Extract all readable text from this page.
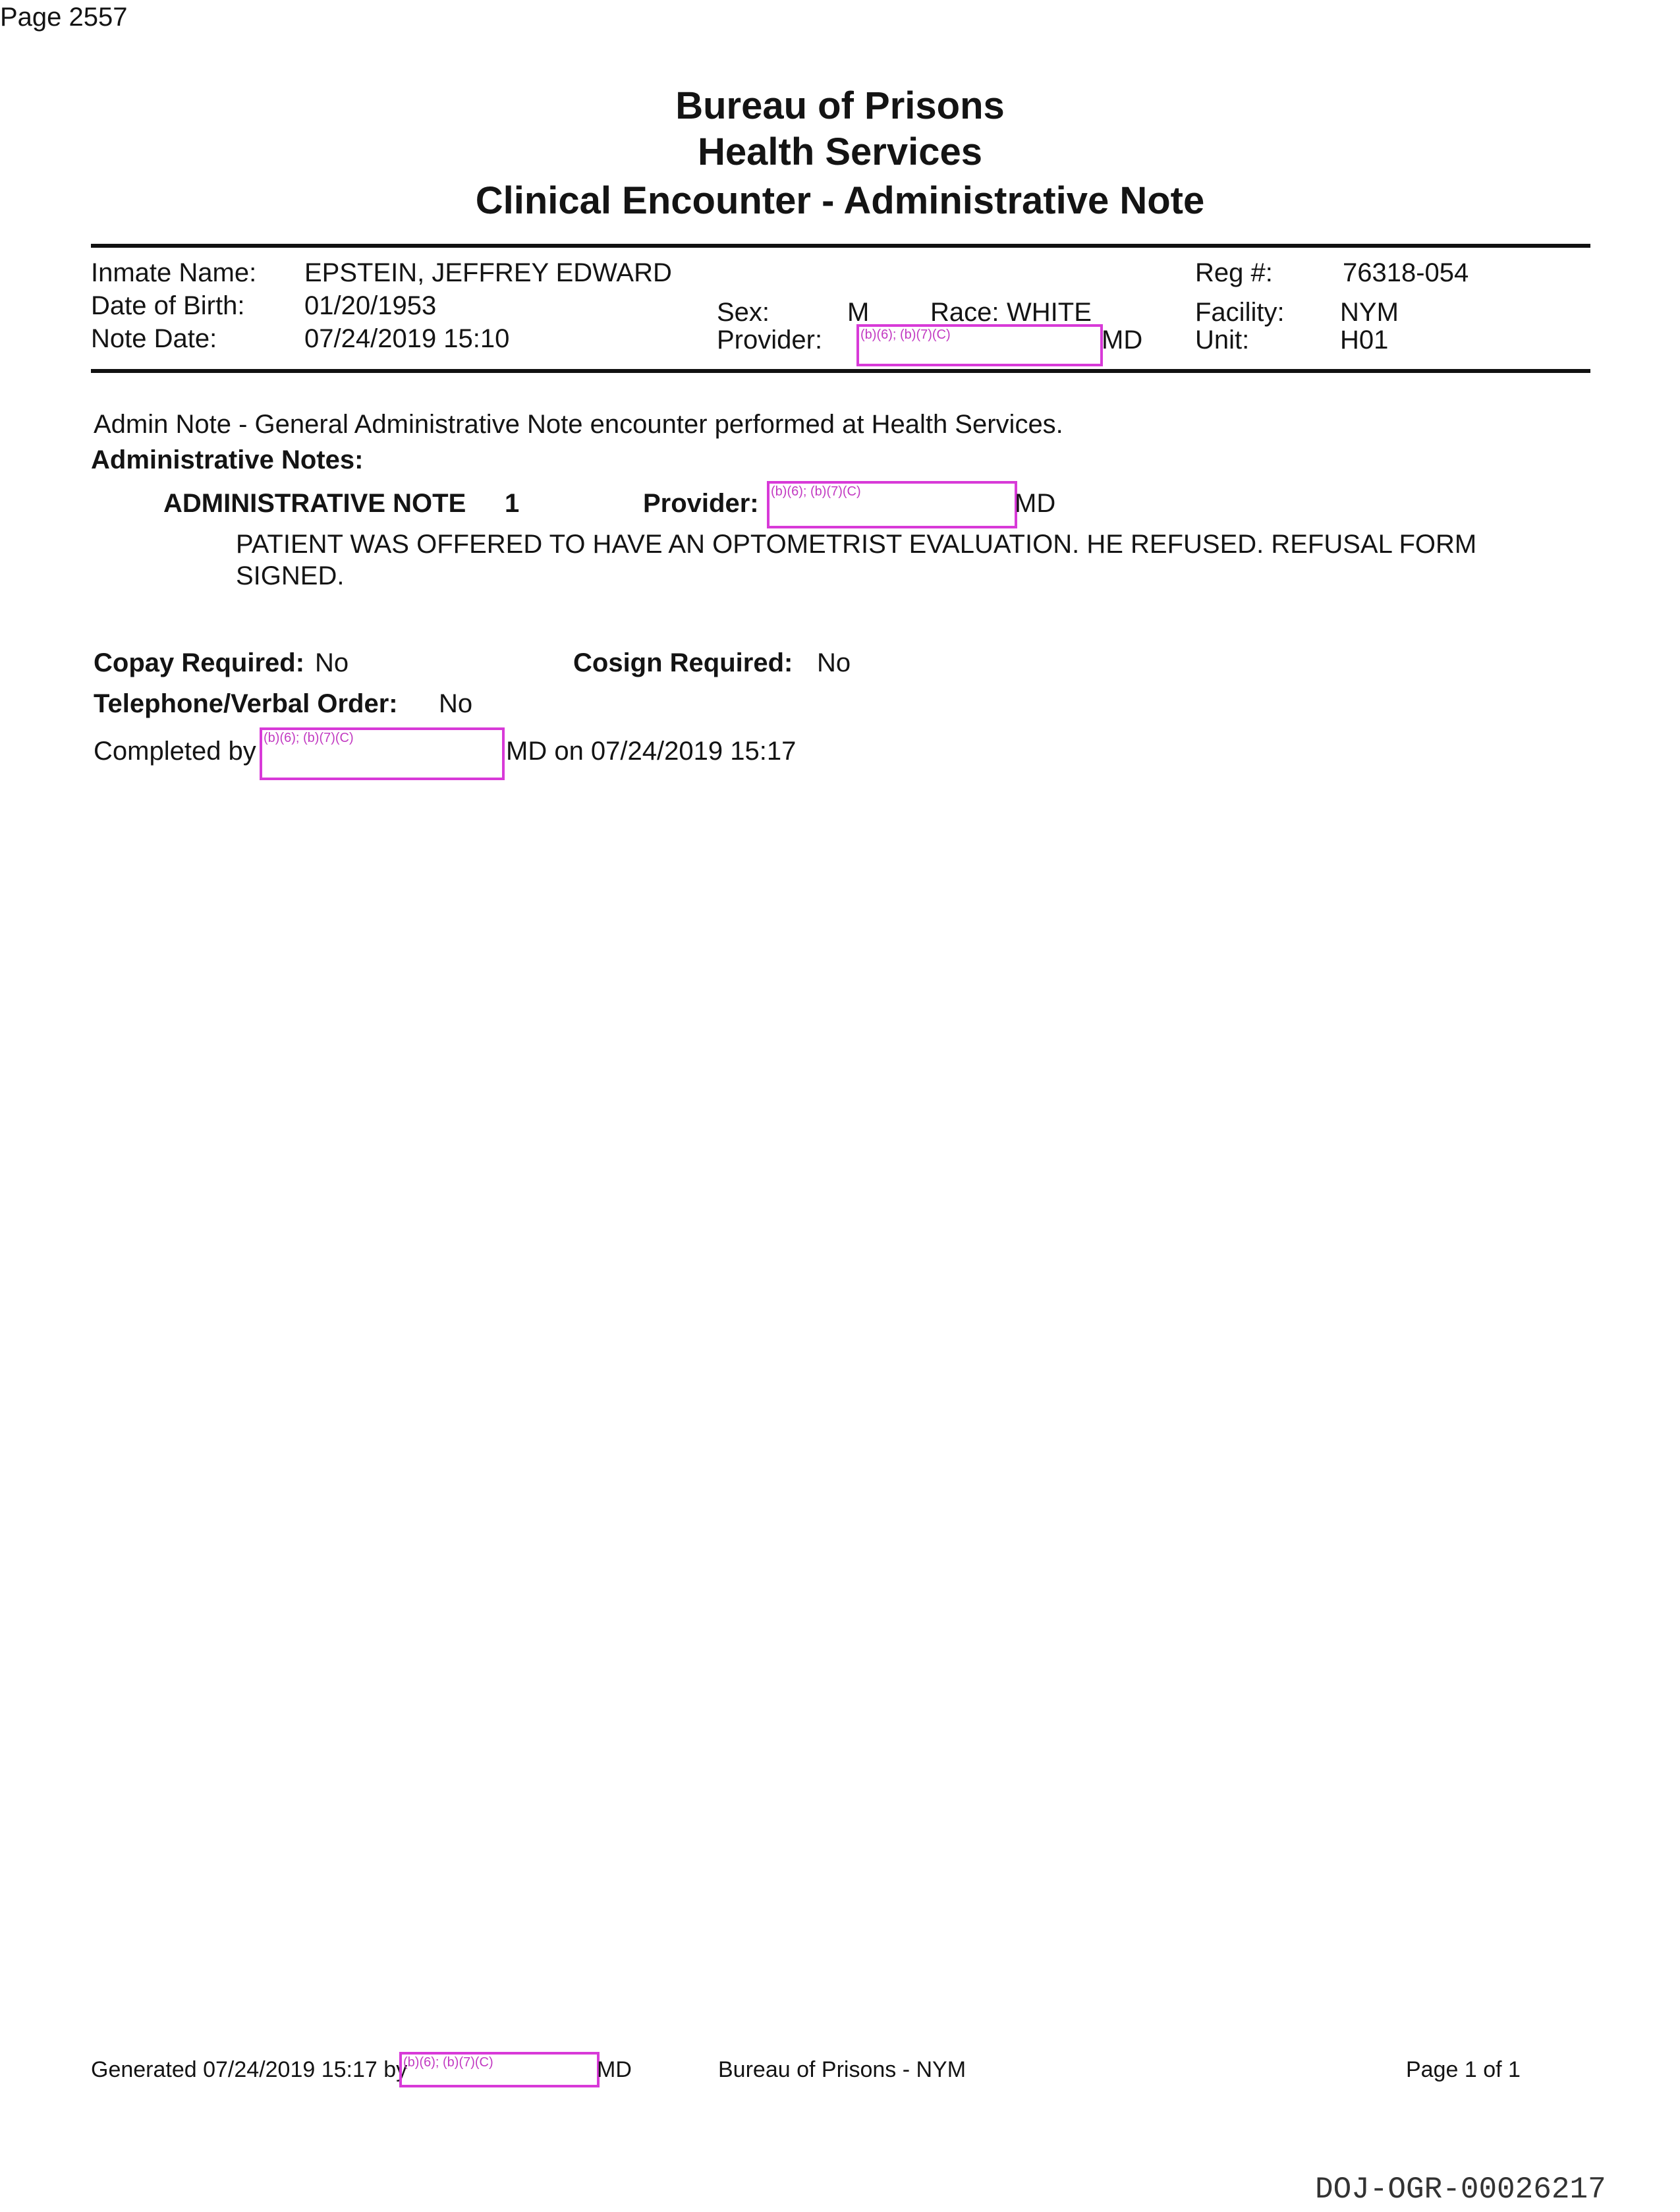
Page 2557
Bureau of Prisons
Health Services
Clinical Encounter - Administrative Note
Inmate Name: EPSTEIN, JEFFREY EDWARD
Date of Birth: 01/20/1953
Note Date:	07/24/2019 15:10
Sex:	M Race: WHITE
Provider:	(b)(6); (b)(7)(C)	MD
Reg #:	76318-054
Facility: NYM
Unit:	H01
Admin Note - General Administrative Note encounter performed at Health Services.
Administrative Notes:
ADMINISTRATIVE NOTE 1	Provider: (b)(6); (b)(7)(C)	MD
PATIENT WAS OFFERED TO HAVE AN OPTOMETRIST EVALUATION. HE REFUSED. REFUSAL FORM
SIGNED.
Copay Required: No	Cosign Required: No
Telephone/Verbal Order: No
Completed by (b)(6); (b)(7)(C)	MD on 07/24/2019 15:17
Generated 07/24/2019 15:17 by
(b)(6); (b)(7)(C)	MD	Bureau of Prisons - NYM	Page 1 of 1
DOJ-OGR-00026217
